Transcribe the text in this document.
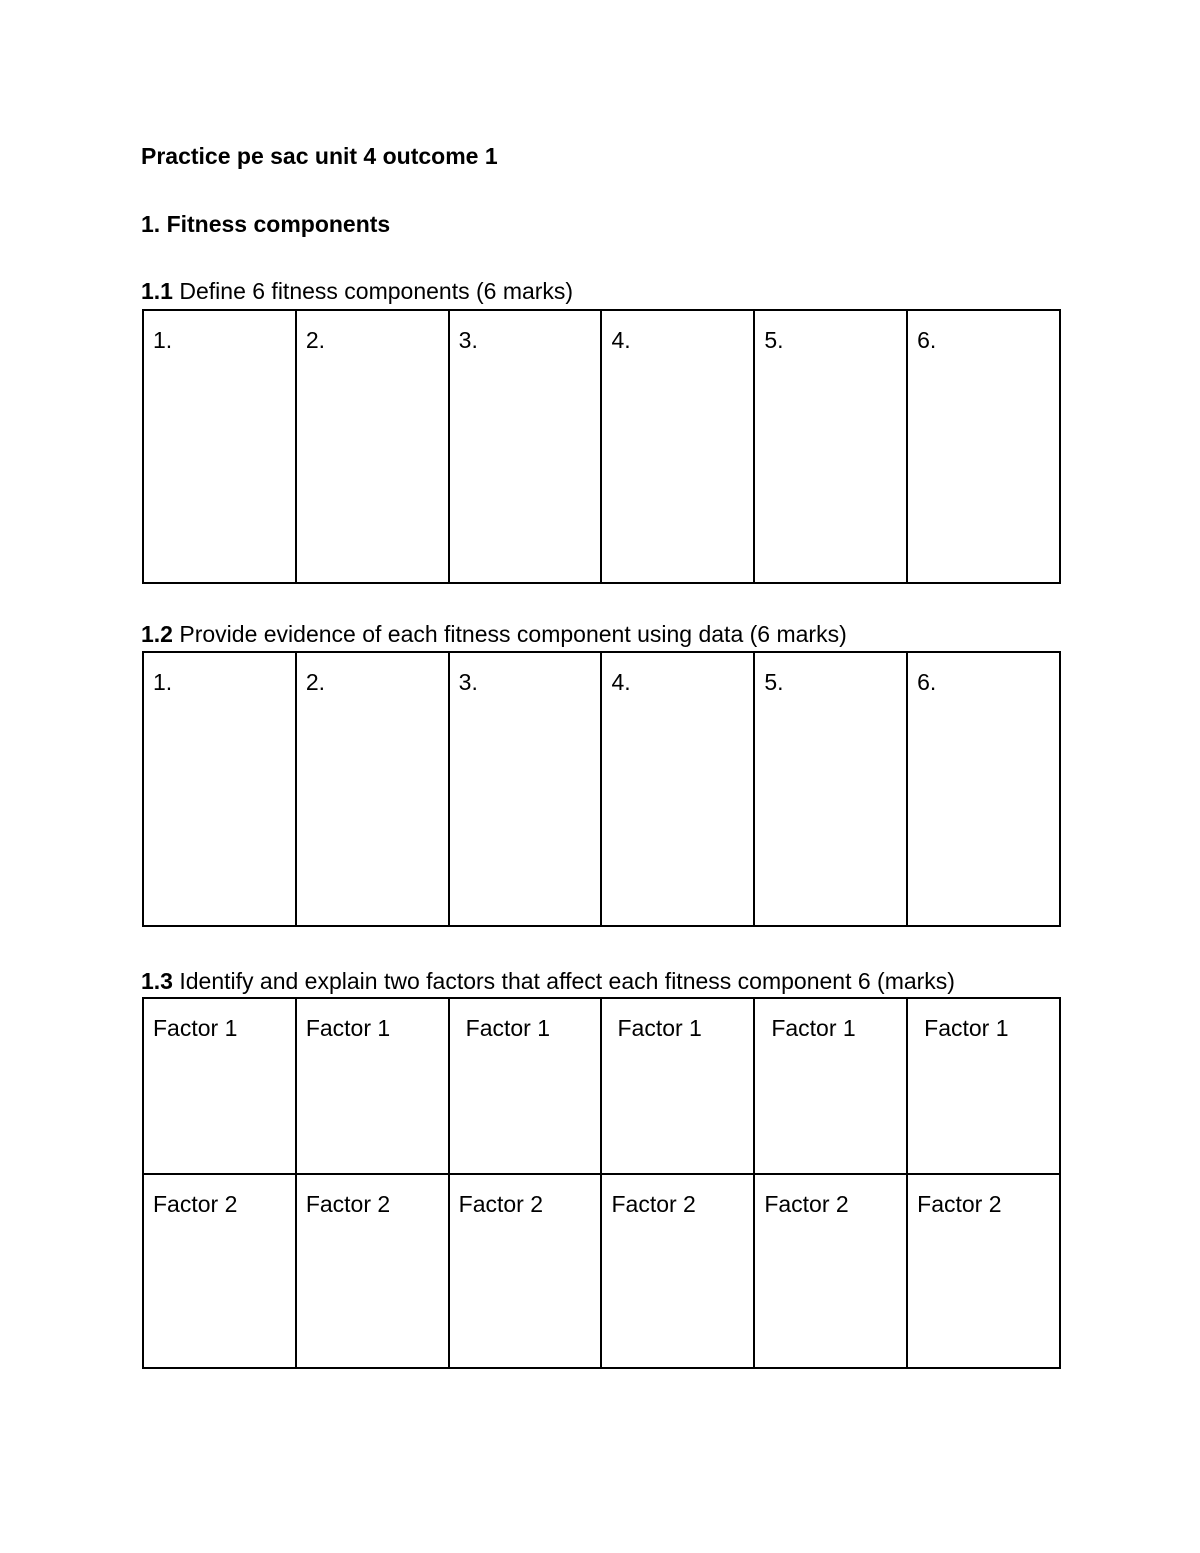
Practice pe sac unit 4 outcome 1
1. Fitness components
1.1 Define 6 fitness components (6 marks)
1.	2.	3.	4.	5.	6.
1.2 Provide evidence of each fitness component using data (6 marks)
1.	2.	3.	4.	5.	6.
1.3 Identify and explain two factors that affect each fitness component 6 (marks)
Factor 1	Factor 1	Factor 1	Factor 1	Factor 1	Factor 1

Factor 2	Factor 2	Factor 2	Factor 2	Factor 2	Factor 2
